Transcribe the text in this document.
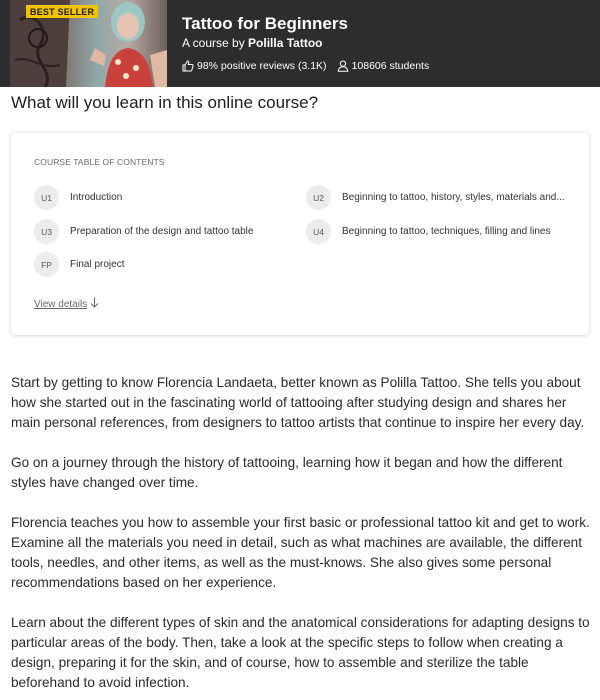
BEST SELLER
Tattoo for Beginners
A course by Polilla Tattoo
98% positive reviews (3.1K) 108606 students
What will you learn in this online course?
COURSE TABLE OF CONTENTS
U1	Introduction	U2	Beginning to tattoo, history, styles, materials and...
U3	Preparation of the design and tattoo table	U4	Beginning to tattoo, techniques, filling and lines
FP	Final project
View details

Start by getting to know Florencia Landaeta, better known as Polilla Tattoo. She tells you about how she started out in the fascinating world of tattooing after studying design and shares her main personal references, from designers to tattoo artists that continue to inspire her every day.

Go on a journey through the history of tattooing, learning how it began and how the different styles have changed over time.

Florencia teaches you how to assemble your first basic or professional tattoo kit and get to work. Examine all the materials you need in detail, such as what machines are available, the different tools, needles, and other items, as well as the must-knows. She also gives some personal recommendations based on her experience.

Learn about the different types of skin and the anatomical considerations for adapting designs to particular areas of the body. Then, take a look at the specific steps to follow when creating a design, preparing it for the skin, and of course, how to assemble and sterilize the table beforehand to avoid infection.
